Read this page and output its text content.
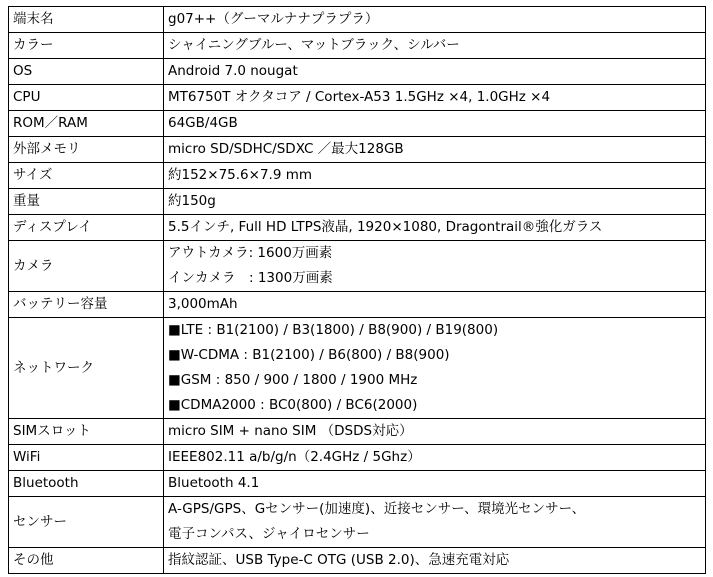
端末名	g07++（グーマルナナプラプラ）

カラー	シャイニングブルー、マットブラック、シルバー

OS	Android 7.0 nougat

CPU	MT6750T オクタコア / Cortex-A53 1.5GHz ×4, 1.0GHz ×4

ROM／RAM	64GB/4GB

外部メモリ	micro SD/SDHC/SDXC ／最大128GB

サイズ	約152×75.6×7.9 mm

重量	約150g

ディスプレイ	5.5インチ, Full HD LTPS液晶, 1920×1080, Dragontrail®強化ガラス

カメラ	アウトカメラ: 1600万画素
インカメラ　: 1300万画素

バッテリー容量	3,000mAh

ネットワーク	■LTE : B1(2100) / B3(1800) / B8(900) / B19(800)
■W-CDMA : B1(2100) / B6(800) / B8(900)
■GSM : 850 / 900 / 1800 / 1900 MHz
■CDMA2000 : BC0(800) / BC6(2000)

SIMスロット	micro SIM + nano SIM （DSDS対応）

WiFi	IEEE802.11 a/b/g/n（2.4GHz / 5Ghz）

Bluetooth	Bluetooth 4.1

センサー	A-GPS/GPS、Gセンサー(加速度)、近接センサー、環境光センサー、
電子コンパス、ジャイロセンサー

その他	指紋認証、USB Type-C OTG (USB 2.0)、急速充電対応
